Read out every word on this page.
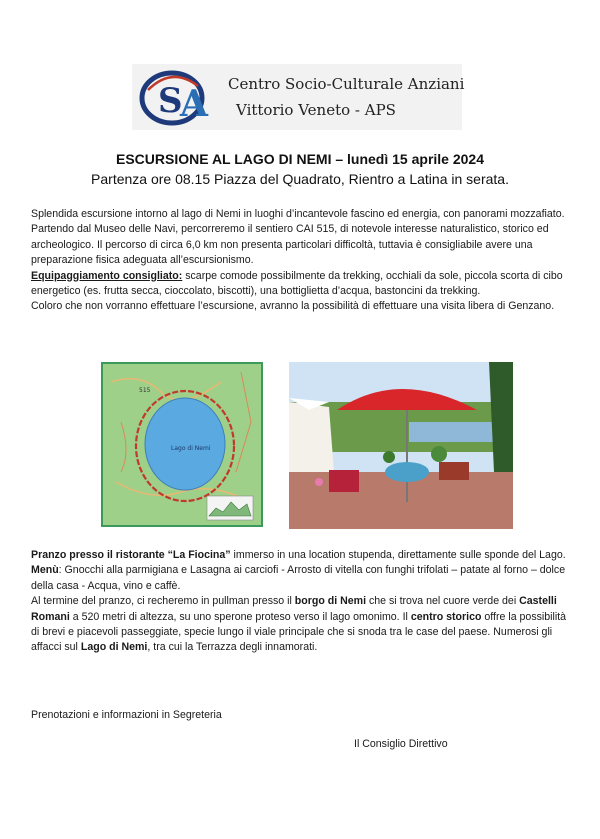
S
A Centro Socio-Culturale Anziani
Vittorio Veneto - APS
ESCURSIONE AL LAGO DI NEMI – lunedì 15 aprile 2024
Partenza ore 08.15 Piazza del Quadrato, Rientro a Latina in serata.

Splendida escursione intorno al lago di Nemi in luoghi d’incantevole fascino ed energia, con panorami mozzafiato. Partendo dal Museo delle Navi, percorreremo il sentiero CAI 515, di notevole interesse naturalistico, storico ed archeologico. Il percorso di circa 6,0 km non presenta particolari difficoltà, tuttavia è consigliabile avere una preparazione fisica adeguata all’escursionismo.

Equipaggiamento consigliato: scarpe comode possibilmente da trekking, occhiali da sole, piccola scorta di cibo energetico (es. frutta secca, cioccolato, biscotti), una bottiglietta d’acqua, bastoncini da trekking.

Coloro che non vorranno effettuare l’escursione, avranno la possibilità di effettuare una visita libera di Genzano.

Lago di Nemi
515

Pranzo presso il ristorante “La Fiocina” immerso in una location stupenda, direttamente sulle sponde del Lago.

Menù: Gnocchi alla parmigiana e Lasagna ai carciofi - Arrosto di vitella con funghi trifolati – patate al forno – dolce della casa - Acqua, vino e caffè.

Al termine del pranzo, ci recheremo in pullman presso il borgo di Nemi che si trova nel cuore verde dei Castelli Romani a 520 metri di altezza, su uno sperone proteso verso il lago omonimo. Il centro storico offre la possibilità di brevi e piacevoli passeggiate, specie lungo il viale principale che si snoda tra le case del paese. Numerosi gli affacci sul Lago di Nemi, tra cui la Terrazza degli innamorati.

Prenotazioni e informazioni in Segreteria
Il Consiglio Direttivo
